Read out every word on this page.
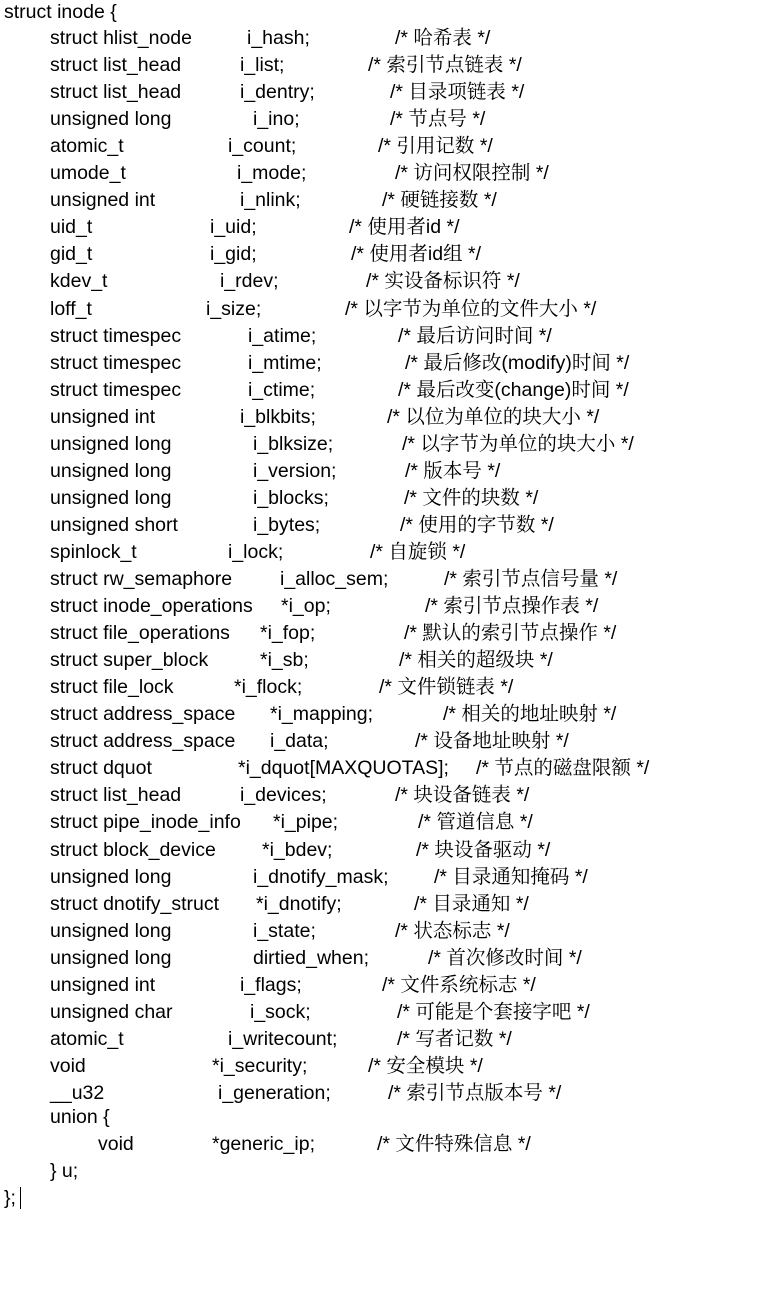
struct inode {

struct hlist_node	i_hash;	/* 哈希表 */
struct list_head	i_list;	/* 索引节点链表 */
struct list_head	i_dentry;	/* 目录项链表 */
unsigned long	i_ino;	/* 节点号 */
atomic_t	i_count;	/* 引用记数 */
umode_t	i_mode;	/* 访问权限控制 */
unsigned int	i_nlink;	/* 硬链接数 */
uid_t	i_uid;	/* 使用者id */
gid_t	i_gid;	/* 使用者id组 */
kdev_t	i_rdev;	/* 实设备标识符 */
loff_t	i_size;	/* 以字节为单位的文件大小 */
struct timespec	i_atime;	/* 最后访问时间 */
struct timespec	i_mtime;	/* 最后修改(modify)时间 */
struct timespec	i_ctime;	/* 最后改变(change)时间 */
unsigned int	i_blkbits;	/* 以位为单位的块大小 */
unsigned long	i_blksize;	/* 以字节为单位的块大小 */
unsigned long	i_version;	/* 版本号 */
unsigned long	i_blocks;	/* 文件的块数 */
unsigned short	i_bytes;	/* 使用的字节数 */
spinlock_t	i_lock;	/* 自旋锁 */
struct rw_semaphore i_alloc_sem;	/* 索引节点信号量 */
struct inode_operations *i_op;	/* 索引节点操作表 */
struct file_operations *i_fop;	/* 默认的索引节点操作 */
struct super_block	*i_sb;	/* 相关的超级块 */
struct file_lock	*i_flock;	/* 文件锁链表 */
struct address_space *i_mapping;	/* 相关的地址映射 */
struct address_space i_data;	/* 设备地址映射 */
struct dquot	*i_dquot[MAXQUOTAS]; /* 节点的磁盘限额 */
struct list_head	i_devices;	/* 块设备链表 */
struct pipe_inode_info *i_pipe;	/* 管道信息 */
struct block_device *i_bdev;	/* 块设备驱动 */
unsigned long	i_dnotify_mask; /* 目录通知掩码 */
struct dnotify_struct *i_dnotify;	/* 目录通知 */
unsigned long	i_state;	/* 状态标志 */
unsigned long	dirtied_when;	/* 首次修改时间 */
unsigned int	i_flags;	/* 文件系统标志 */
unsigned char	i_sock;	/* 可能是个套接字吧 */
atomic_t	i_writecount;	/* 写者记数 */
void	*i_security;	/* 安全模块 */
__u32	i_generation;	/* 索引节点版本号 */

union {

void	*generic_ip;	/* 文件特殊信息 */

} u;

};
